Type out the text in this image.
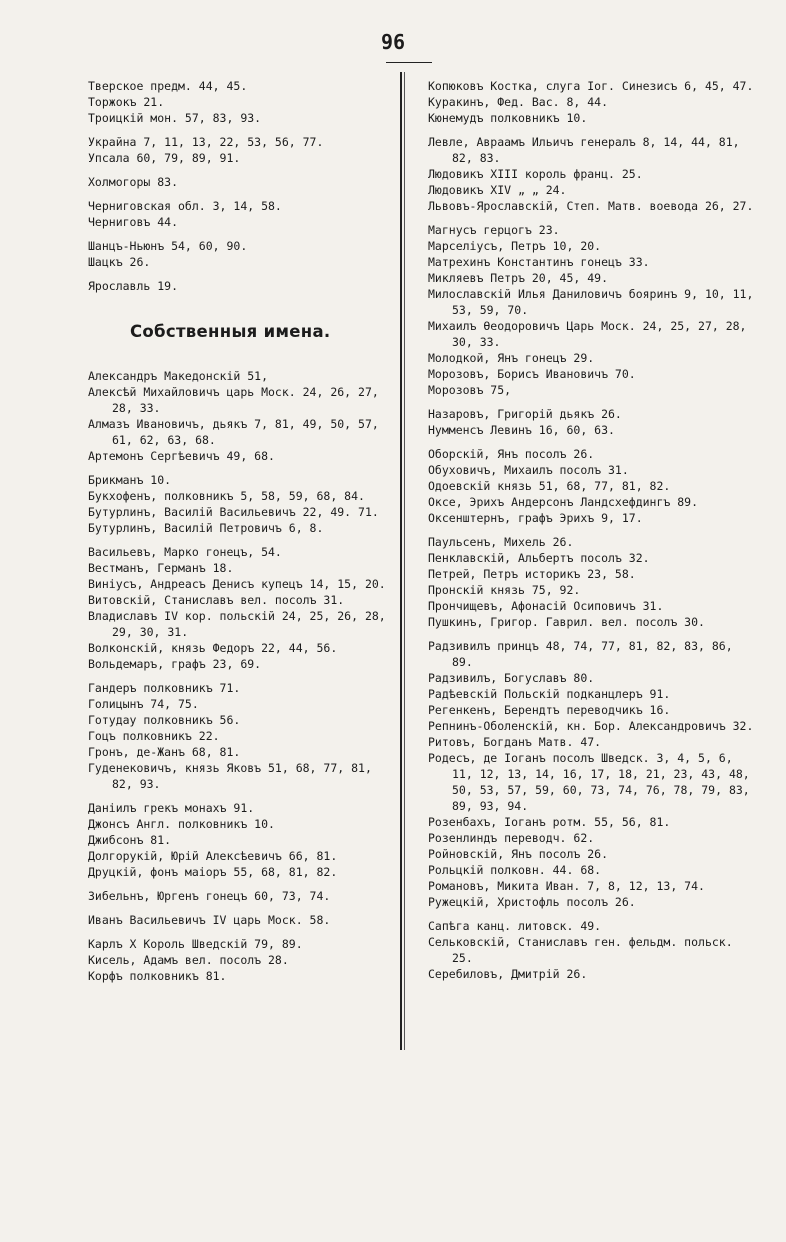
96
Тверское предм. 44, 45.
Торжокъ 21.
Троицкій мон. 57, 83, 93.
Украйна 7, 11, 13, 22, 53, 56, 77.
Упсала 60, 79, 89, 91.
Холмогоры 83.
Черниговская обл. 3, 14, 58.
Черниговъ 44.
Шанцъ-Ньюнъ 54, 60, 90.
Шацкъ 26.
Ярославль 19.
Собственныя имена.
Александръ Македонскій 51,
Алексѣй Михайловичъ царь Моск. 24, 26, 27, 28, 33.
Алмазъ Ивановичъ, дьякъ 7, 81, 49, 50, 57, 61, 62, 63, 68.
Артемонъ Сергѣевичъ 49, 68.
Брикманъ 10.
Букхофенъ, полковникъ 5, 58, 59, 68, 84.
Бутурлинъ, Василій Васильевичъ 22, 49. 71.
Бутурлинъ, Василій Петровичъ 6, 8.
Васильевъ, Марко гонецъ, 54.
Вестманъ, Германъ 18.
Виніусъ, Андреасъ Денисъ купецъ 14, 15, 20.
Витовскій, Станиславъ вел. посолъ 31.
Владиславъ IV кор. польскій 24, 25, 26, 28, 29, 30, 31.
Волконскій, князь Федоръ 22, 44, 56.
Вольдемаръ, графъ 23, 69.
Гандеръ полковникъ 71.
Голицынъ 74, 75.
Готудау полковникъ 56.
Гоцъ полковникъ 22.
Гронъ, де-Жанъ 68, 81.
Гуденековичъ, князь Яковъ 51, 68, 77, 81, 82, 93.
Даніилъ грекъ монахъ 91.
Джонсъ Англ. полковникъ 10.
Джибсонъ 81.
Долгорукій, Юрій Алексѣевичъ 66, 81.
Друцкій, фонъ маіоръ 55, 68, 81, 82.
Зибельнъ, Юргенъ гонецъ 60, 73, 74.
Иванъ Васильевичъ IV царь Моск. 58.
Карлъ X Король Шведскій 79, 89.
Кисель, Адамъ вел. посолъ 28.
Корфъ полковникъ 81.
Копюковъ Костка, слуга Іог. Синезисъ 6, 45, 47.
Куракинъ, Фед. Вас. 8, 44.
Кюнемудъ полковникъ 10.
Левле, Авраамъ Ильичъ генералъ 8, 14, 44, 81, 82, 83.
Людовикъ XIII король франц. 25.
Людовикъ XIV „ „ 24.
Львовъ-Ярославскій, Степ. Матв. воевода 26, 27.
Магнусъ герцогъ 23.
Марселіусъ, Петръ 10, 20.
Матрехинъ Константинъ гонецъ 33.
Микляевъ Петръ 20, 45, 49.
Милославскій Илья Даниловичъ бояринъ 9, 10, 11, 53, 59, 70.
Михаилъ Ѳеодоровичъ Царь Моск. 24, 25, 27, 28, 30, 33.
Молодкой, Янъ гонецъ 29.
Морозовъ, Борисъ Ивановичъ 70.
Морозовъ 75,
Назаровъ, Григорій дьякъ 26.
Нумменсъ Левинъ 16, 60, 63.
Оборскій, Янъ посолъ 26.
Обуховичъ, Михаилъ посолъ 31.
Одоевскій князь 51, 68, 77, 81, 82.
Оксе, Эрихъ Андерсонъ Ландсхефдингъ 89.
Оксенштернъ, графъ Эрихъ 9, 17.
Паульсенъ, Михель 26.
Пенклавскій, Альбертъ посолъ 32.
Петрей, Петръ историкъ 23, 58.
Пронскій князь 75, 92.
Прончищевъ, Афонасій Осиповичъ 31.
Пушкинъ, Григор. Гаврил. вел. посолъ 30.
Радзивилъ принцъ 48, 74, 77, 81, 82, 83, 86, 89.
Радзивилъ, Богуславъ 80.
Радѣевскій Польскій подканцлеръ 91.
Регенкенъ, Берендтъ переводчикъ 16.
Репнинъ-Оболенскій, кн. Бор. Александровичъ 32.
Ритовъ, Богданъ Матв. 47.
Родесъ, де Іоганъ посолъ Шведск. 3, 4, 5, 6, 11, 12, 13, 14, 16, 17, 18, 21, 23, 43, 48, 50, 53, 57, 59, 60, 73, 74, 76, 78, 79, 83, 89, 93, 94.
Розенбахъ, Іоганъ ротм. 55, 56, 81.
Розенлиндъ переводч. 62.
Ройновскій, Янъ посолъ 26.
Рольцкій полковн. 44. 68.
Романовъ, Микита Иван. 7, 8, 12, 13, 74.
Ружецкій, Христофль посолъ 26.
Сапѣга канц. литовск. 49.
Сельковскій, Станиславъ ген. фельдм. польск. 25.
Серебиловъ, Дмитрій 26.
